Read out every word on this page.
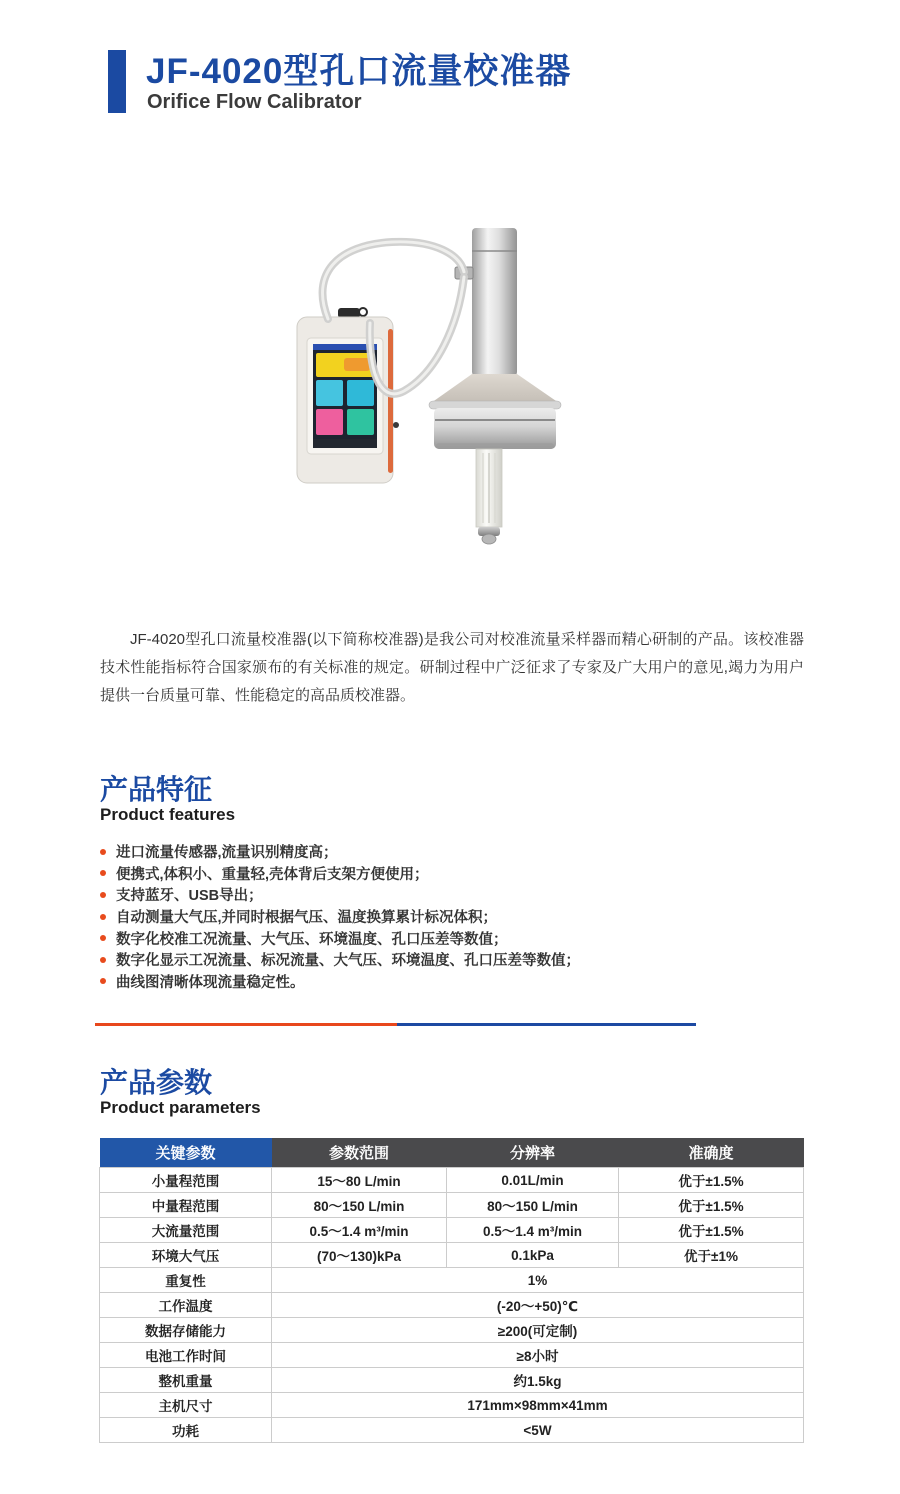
JF-4020型孔口流量校准器
Orifice Flow Calibrator

JF-4020型孔口流量校准器(以下简称校准器)是我公司对校准流量采样器而精心研制的产品。该校准器技术性能指标符合国家颁布的有关标准的规定。研制过程中广泛征求了专家及广大用户的意见,竭力为用户提供一台质量可靠、性能稳定的高品质校准器。

产品特征
Product features
进口流量传感器,流量识别精度高；
便携式,体积小、重量轻,壳体背后支架方便使用；
支持蓝牙、USB导出；
自动测量大气压,并同时根据气压、温度换算累计标况体积；
数字化校准工况流量、大气压、环境温度、孔口压差等数值；
数字化显示工况流量、标况流量、大气压、环境温度、孔口压差等数值；
曲线图清晰体现流量稳定性。
产品参数
Product parameters
关键参数	参数范围	分辨率	准确度
小量程范围	15～80 L/min	0.01L/min	优于±1.5%
中量程范围	80～150 L/min	80～150 L/min	优于±1.5%
大流量范围	0.5～1.4 m³/min	0.5～1.4 m³/min	优于±1.5%
环境大气压	(70～130)kPa	0.1kPa	优于±1%
重复性	1%		
工作温度	(-20～+50)℃		
数据存储能力	≥200(可定制)		
电池工作时间	≥8小时		
整机重量	约1.5kg		
主机尺寸	171mm×98mm×41mm		
功耗	<5W		
